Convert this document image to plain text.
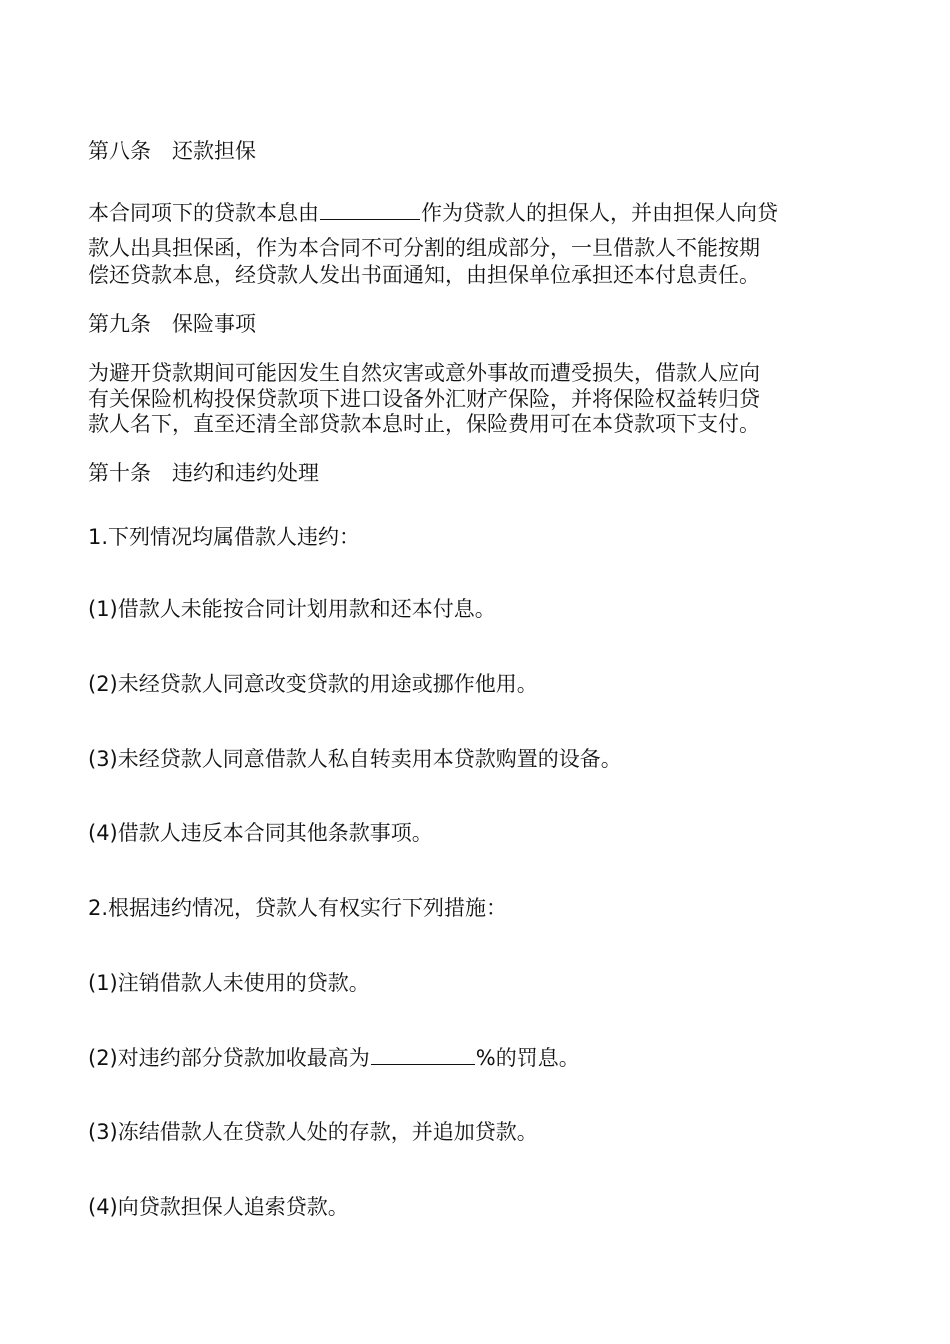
第八条　还款担保
本合同项下的贷款本息由	作为贷款人的担保人，并由担保人向贷
款人出具担保函，作为本合同不可分割的组成部分，一旦借款人不能按期
偿还贷款本息，经贷款人发出书面通知，由担保单位承担还本付息责任。
第九条　保险事项
为避开贷款期间可能因发生自然灾害或意外事故而遭受损失，借款人应向
有关保险机构投保贷款项下进口设备外汇财产保险，并将保险权益转归贷
款人名下，直至还清全部贷款本息时止，保险费用可在本贷款项下支付。
第十条　违约和违约处理
1.下列情况均属借款人违约：
(1)借款人未能按合同计划用款和还本付息。
(2)未经贷款人同意改变贷款的用途或挪作他用。
(3)未经贷款人同意借款人私自转卖用本贷款购置的设备。
(4)借款人违反本合同其他条款事项。
2.根据违约情况，贷款人有权实行下列措施：
(1)注销借款人未使用的贷款。
(2)对违约部分贷款加收最高为	%的罚息。
(3)冻结借款人在贷款人处的存款，并追加贷款。
(4)向贷款担保人追索贷款。
